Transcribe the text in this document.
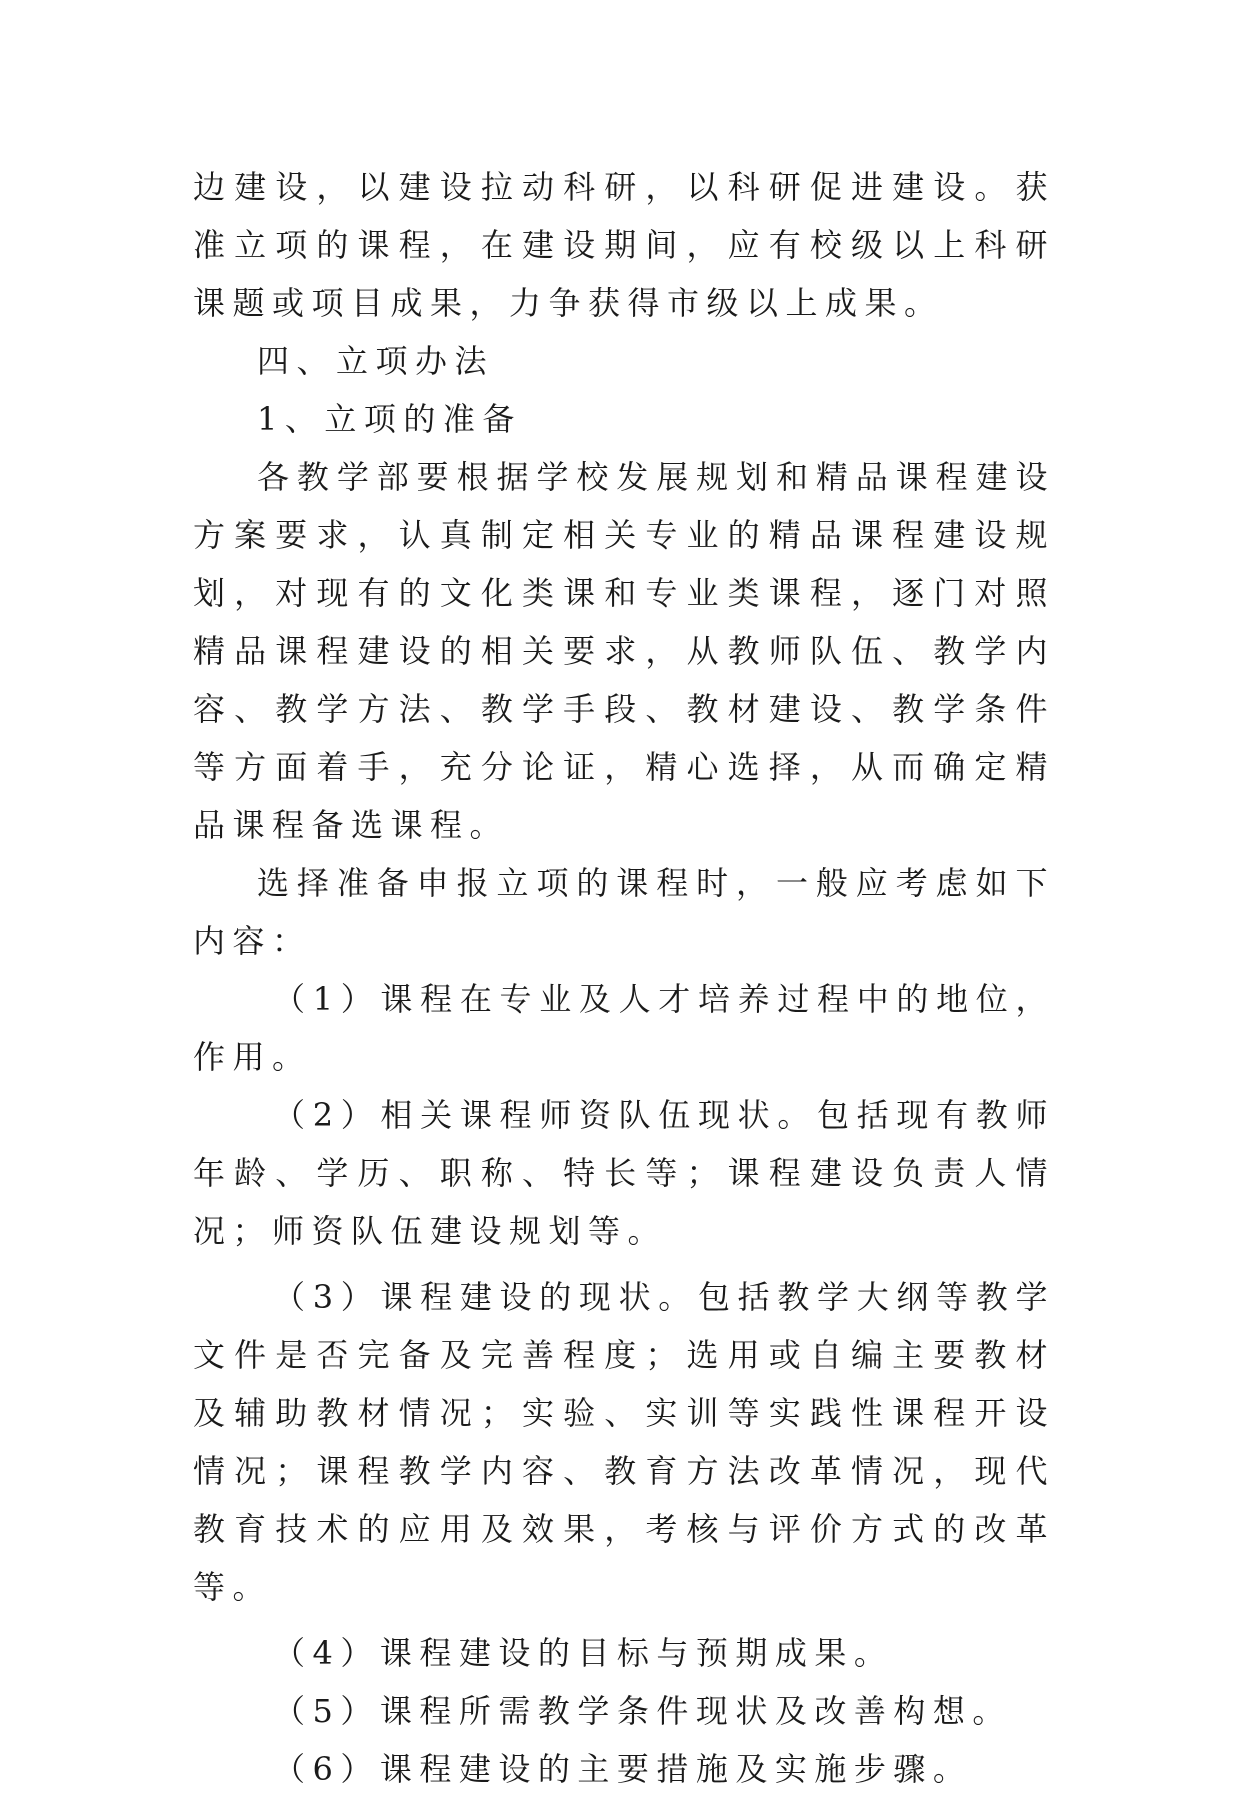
边建设，以建设拉动科研，以科研促进建设。获准立项的课程，在建设期间，应有校级以上科研课题或项目成果，力争获得市级以上成果。

四、立项办法

1、立项的准备

各教学部要根据学校发展规划和精品课程建设方案要求，认真制定相关专业的精品课程建设规划，对现有的文化类课和专业类课程，逐门对照精品课程建设的相关要求，从教师队伍、教学内容、教学方法、教学手段、教材建设、教学条件等方面着手，充分论证，精心选择，从而确定精品课程备选课程。

选择准备申报立项的课程时，一般应考虑如下内容：

（1）课程在专业及人才培养过程中的地位，作用。

（2）相关课程师资队伍现状。包括现有教师年龄、学历、职称、特长等；课程建设负责人情况；师资队伍建设规划等。

（3）课程建设的现状。包括教学大纲等教学文件是否完备及完善程度；选用或自编主要教材及辅助教材情况；实验、实训等实践性课程开设情况；课程教学内容、教育方法改革情况，现代教育技术的应用及效果，考核与评价方式的改革等。

（4）课程建设的目标与预期成果。

（5）课程所需教学条件现状及改善构想。

（6）课程建设的主要措施及实施步骤。
